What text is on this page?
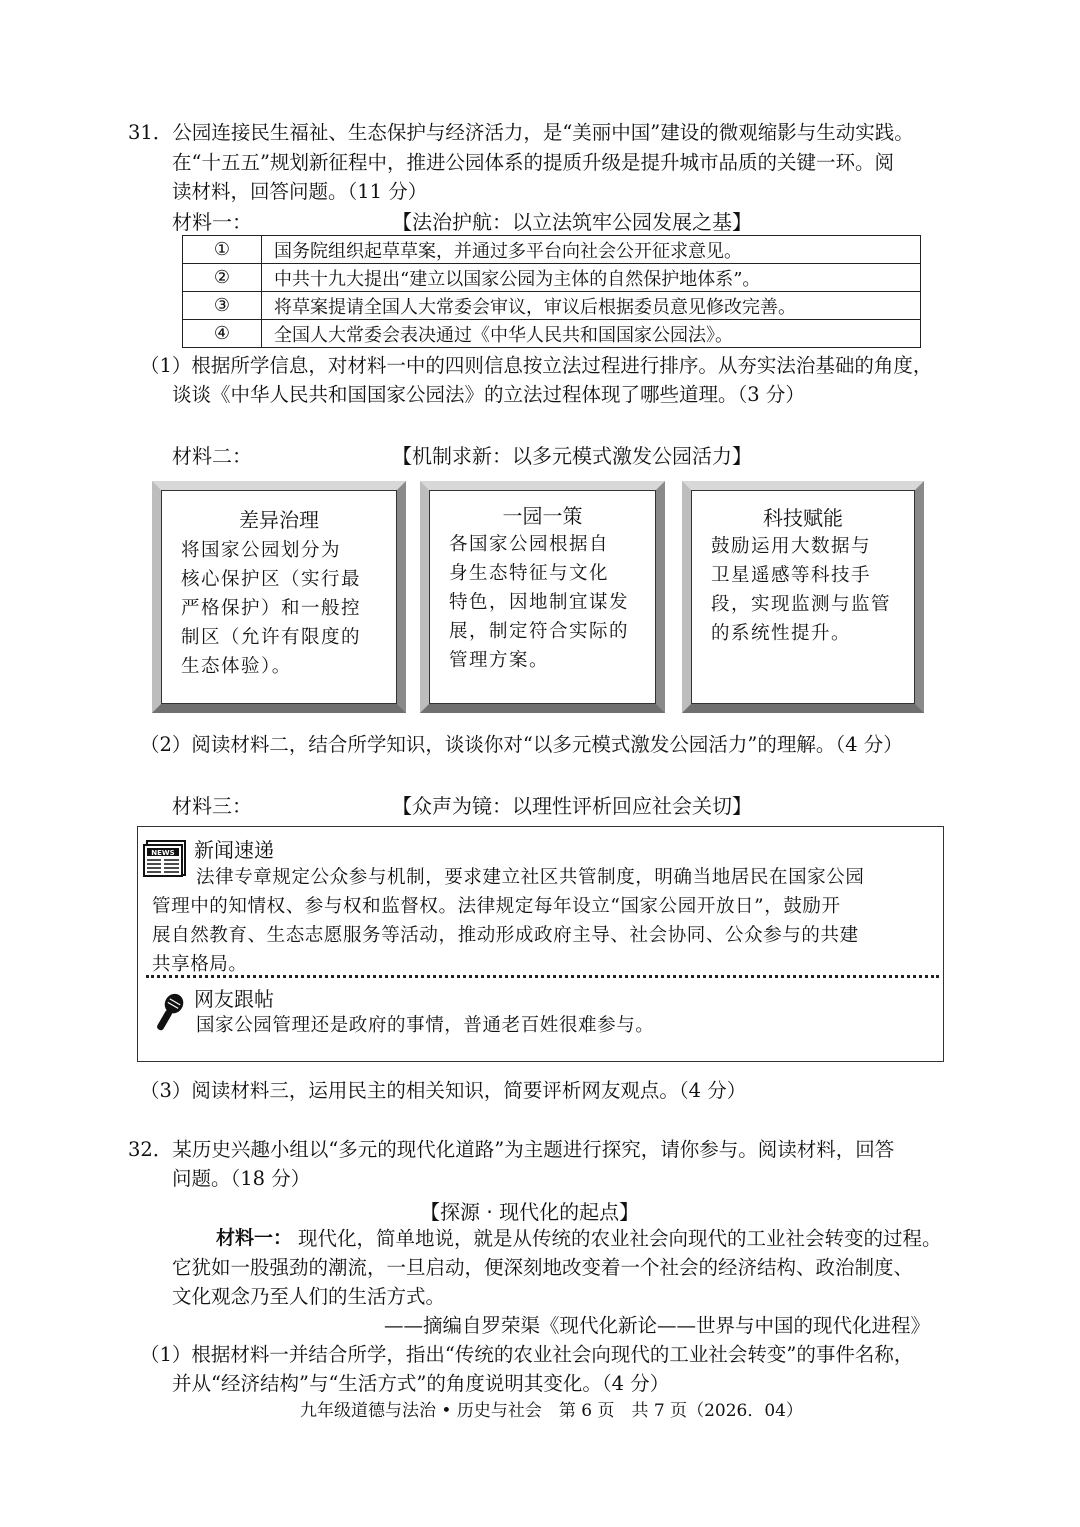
31．公园连接民生福祉、生态保护与经济活力，是“美丽中国”建设的微观缩影与生动实践。
在“十五五”规划新征程中，推进公园体系的提质升级是提升城市品质的关键一环。阅
读材料，回答问题。（11 分）
材料一：	【法治护航：以立法筑牢公园发展之基】
①	国务院组织起草草案，并通过多平台向社会公开征求意见。
②	中共十九大提出“建立以国家公园为主体的自然保护地体系”。
③	将草案提请全国人大常委会审议，审议后根据委员意见修改完善。
④	全国人大常委会表决通过《中华人民共和国国家公园法》。
（1）根据所学信息，对材料一中的四则信息按立法过程进行排序。从夯实法治基础的角度，
谈谈《中华人民共和国国家公园法》的立法过程体现了哪些道理。（3 分）
材料二：	【机制求新：以多元模式激发公园活力】
差异治理
将国家公园划分为
核心保护区（实行最
严格保护）和一般控
制区（允许有限度的
生态体验）。
一园一策
各国家公园根据自
身生态特征与文化
特色，因地制宜谋发
展，制定符合实际的
管理方案。
科技赋能
鼓励运用大数据与
卫星遥感等科技手
段，实现监测与监管
的系统性提升。
（2）阅读材料二，结合所学知识，谈谈你对“以多元模式激发公园活力”的理解。（4 分）
材料三：	【众声为镜：以理性评析回应社会关切】
NEWS 新闻速递
法律专章规定公众参与机制，要求建立社区共管制度，明确当地居民在国家公园
管理中的知情权、参与权和监督权。法律规定每年设立“国家公园开放日”，鼓励开
展自然教育、生态志愿服务等活动，推动形成政府主导、社会协同、公众参与的共建
共享格局。
网友跟帖
国家公园管理还是政府的事情，普通老百姓很难参与。
（3）阅读材料三，运用民主的相关知识，简要评析网友观点。（4 分）
32．某历史兴趣小组以“多元的现代化道路”为主题进行探究，请你参与。阅读材料，回答
问题。（18 分）
【探源 · 现代化的起点】
材料一： 现代化，简单地说，就是从传统的农业社会向现代的工业社会转变的过程。
它犹如一股强劲的潮流，一旦启动，便深刻地改变着一个社会的经济结构、政治制度、
文化观念乃至人们的生活方式。
——摘编自罗荣渠《现代化新论——世界与中国的现代化进程》
（1）根据材料一并结合所学，指出“传统的农业社会向现代的工业社会转变”的事件名称，
并从“经济结构”与“生活方式”的角度说明其变化。（4 分）
九年级道德与法治 • 历史与社会　第 6 页　共 7 页（2026．04）
